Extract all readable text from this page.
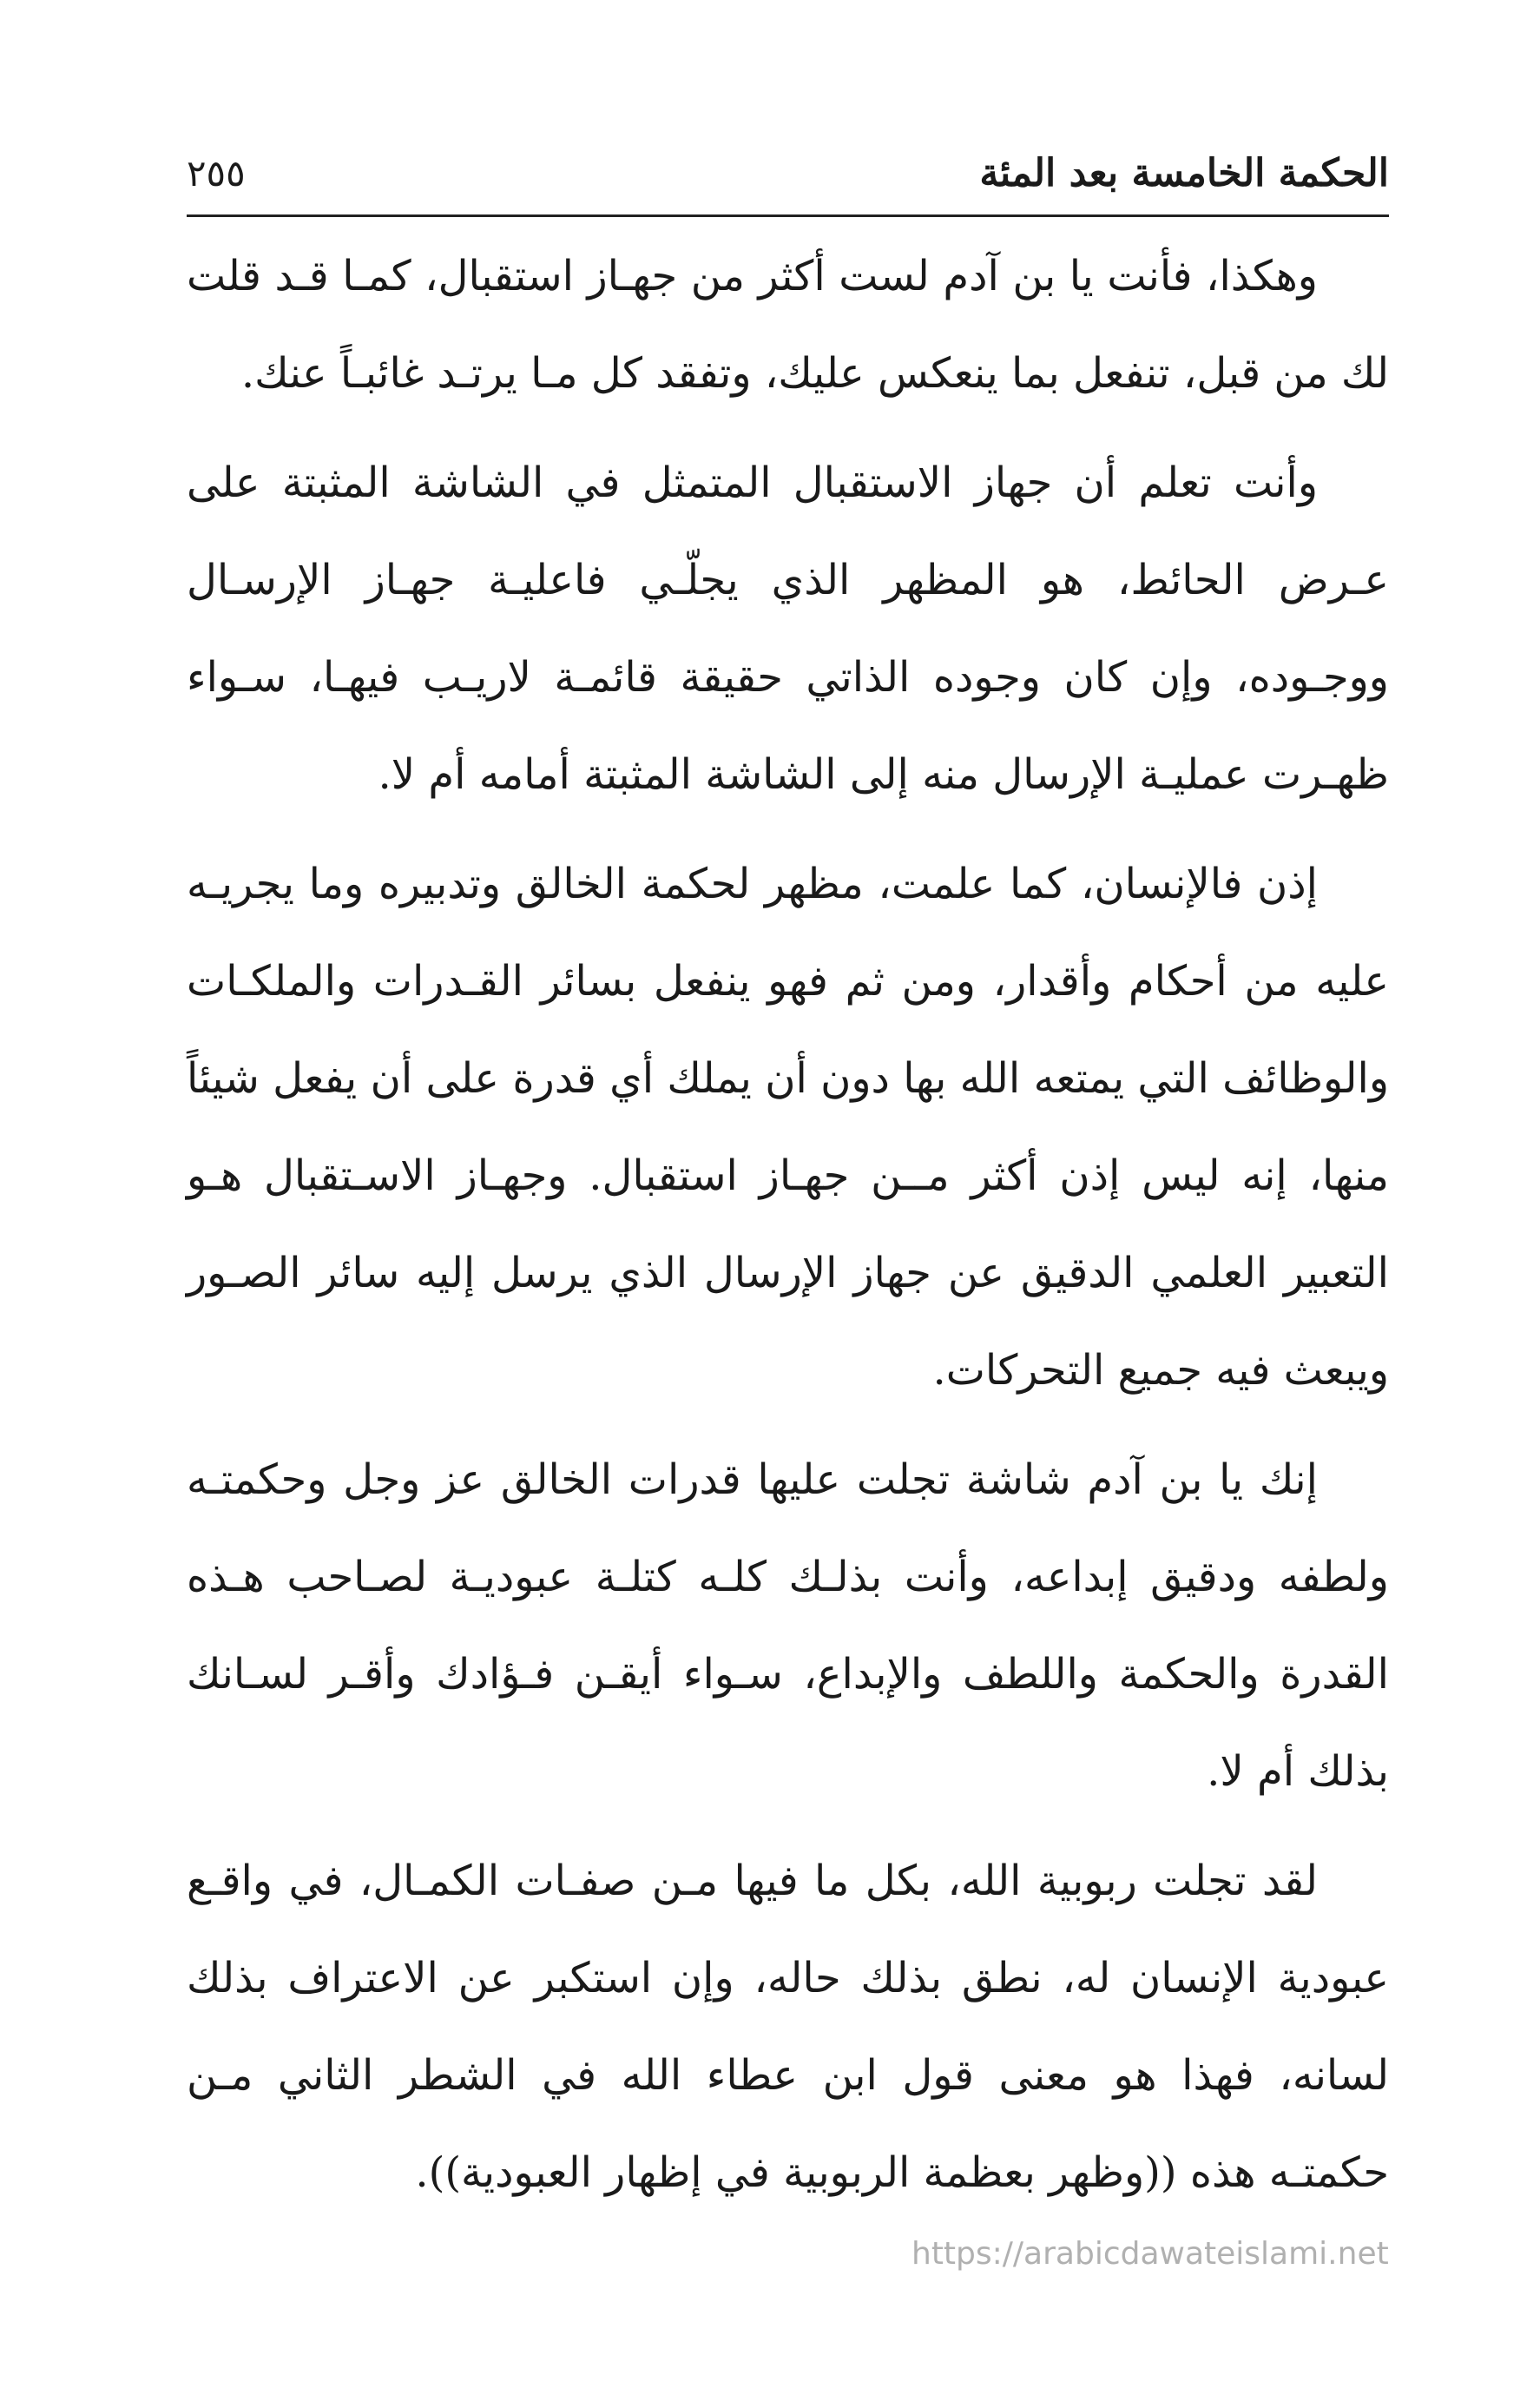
الحكمة الخامسة بعد المئة
٢٥٥

وهكذا، فأنت يا بن آدم لست أكثر من جهـاز استقبال، كمـا قـد قلت لك من قبل، تنفعل بما ينعكس عليك، وتفقد كل مـا يرتـد غائبـاً عنك.

وأنت تعلم أن جهاز الاستقبال المتمثل في الشاشة المثبتة على عـرض الحائط، هو المظهر الذي يجلّـي فاعليـة جهـاز الإرسـال ووجـوده، وإن كان وجوده الذاتي حقيقة قائمـة لاريـب فيهـا، سـواء ظهـرت عمليـة الإرسال منه إلى الشاشة المثبتة أمامه أم لا.

إذن فالإنسان، كما علمت، مظهر لحكمة الخالق وتدبيره وما يجريـه عليه من أحكام وأقدار، ومن ثم فهو ينفعل بسائر القـدرات والملكـات والوظائف التي يمتعه الله بها دون أن يملك أي قدرة على أن يفعل شيئاً منها، إنه ليس إذن أكثر مــن جهـاز استقبال. وجهـاز الاسـتقبال هـو التعبير العلمي الدقيق عن جهاز الإرسال الذي يرسل إليه سائر الصـور ويبعث فيه جميع التحركات.

إنك يا بن آدم شاشة تجلت عليها قدرات الخالق عز وجل وحكمتـه ولطفه ودقيق إبداعه، وأنت بذلـك كلـه كتلـة عبوديـة لصـاحب هـذه القدرة والحكمة واللطف والإبداع، سـواء أيقـن فـؤادك وأقـر لسـانك بذلك أم لا.

لقد تجلت ربوبية الله، بكل ما فيها مـن صفـات الكمـال، في واقـع عبودية الإنسان له، نطق بذلك حاله، وإن استكبر عن الاعتراف بذلك لسانه، فهذا هو معنى قول ابن عطاء الله في الشطر الثاني مـن حكمتـه هذه ((وظهر بعظمة الربوبية في إظهار العبودية)).

https://arabicdawateislami.net
